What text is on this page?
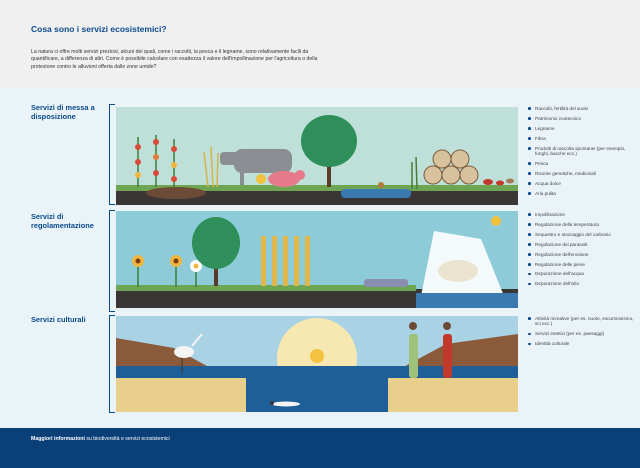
Cosa sono i servizi ecosistemici?
La natura ci offre molti servizi preziosi, alcuni dei quali, come i raccolti, la pesca e il legname, sono relativamente facili da quantificare, a differenza di altri. Come è possibile calcolare con esattezza il valore dell'impollinazione per l'agricoltura o della protezione contro le alluvioni offerta dalle zone umide?
Servizi di messa a disposizione
Raccolti, fertilità del suolo
Patrimonio zootecnico
Legname
Fibra
Prodotti di raccolta spontanei (per esempio, funghi, bacche ecc.)
Pesca
Risorse genetiche, medicinali
Acqua dolce
Aria pulita
Servizi di regolamentazione
Impollinazione
Regolazione della temperatura
Sequestro e stoccaggio del carbonio
Regolazione dei parassiti
Regolazione dell'erosione
Regolazione delle piene
Depurazione dell'acqua
Depurazione dell'aria
Servizi culturali	Attività ricreative (per es. nuoto, escursionismo, sci ecc.)
Servizi estetici (per es. paesaggi)
Identità culturale
Maggiori informazioni su biodiversità e servizi ecosistemici
